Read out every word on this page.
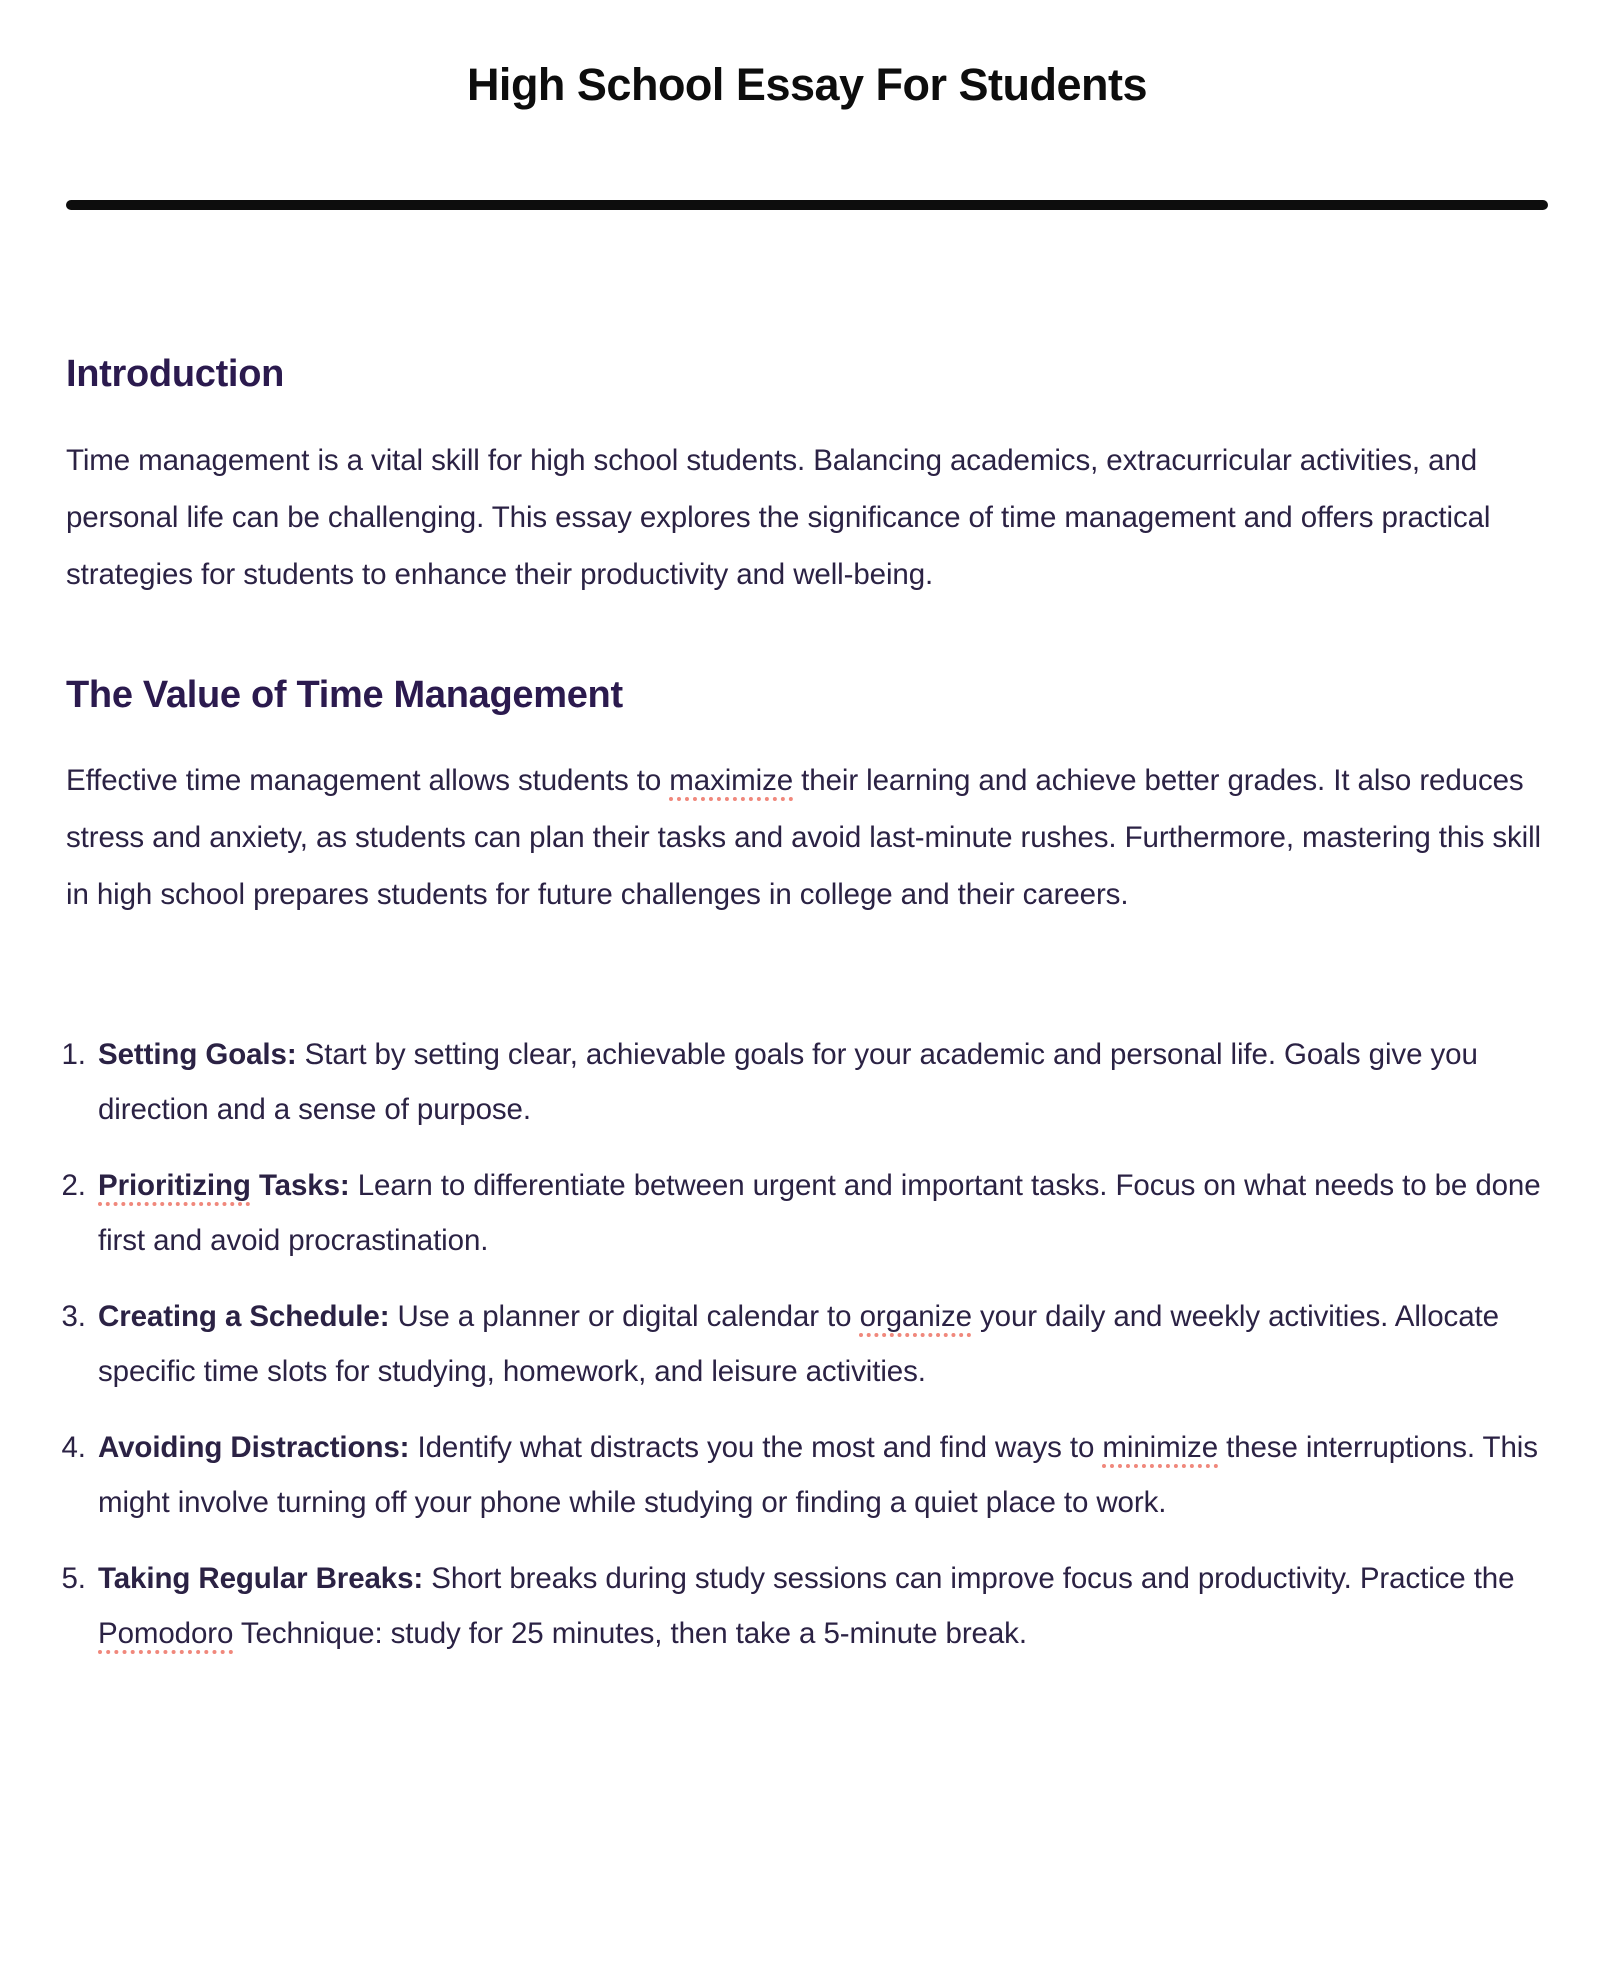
High School Essay For Students
Introduction

Time management is a vital skill for high school students. Balancing academics, extracurricular activities, and personal life can be challenging. This essay explores the significance of time management and offers practical strategies for students to enhance their productivity and well-being.

The Value of Time Management

Effective time management allows students to maximize their learning and achieve better grades. It also reduces stress and anxiety, as students can plan their tasks and avoid last-minute rushes. Furthermore, mastering this skill in high school prepares students for future challenges in college and their careers.

1. Setting Goals: Start by setting clear, achievable goals for your academic and personal life. Goals give you direction and a sense of purpose.
2. Prioritizing Tasks: Learn to differentiate between urgent and important tasks. Focus on what needs to be done first and avoid procrastination.
3. Creating a Schedule: Use a planner or digital calendar to organize your daily and weekly activities. Allocate specific time slots for studying, homework, and leisure activities.
4. Avoiding Distractions: Identify what distracts you the most and find ways to minimize these interruptions. This might involve turning off your phone while studying or finding a quiet place to work.
5. Taking Regular Breaks: Short breaks during study sessions can improve focus and productivity. Practice the Pomodoro Technique: study for 25 minutes, then take a 5-minute break.
